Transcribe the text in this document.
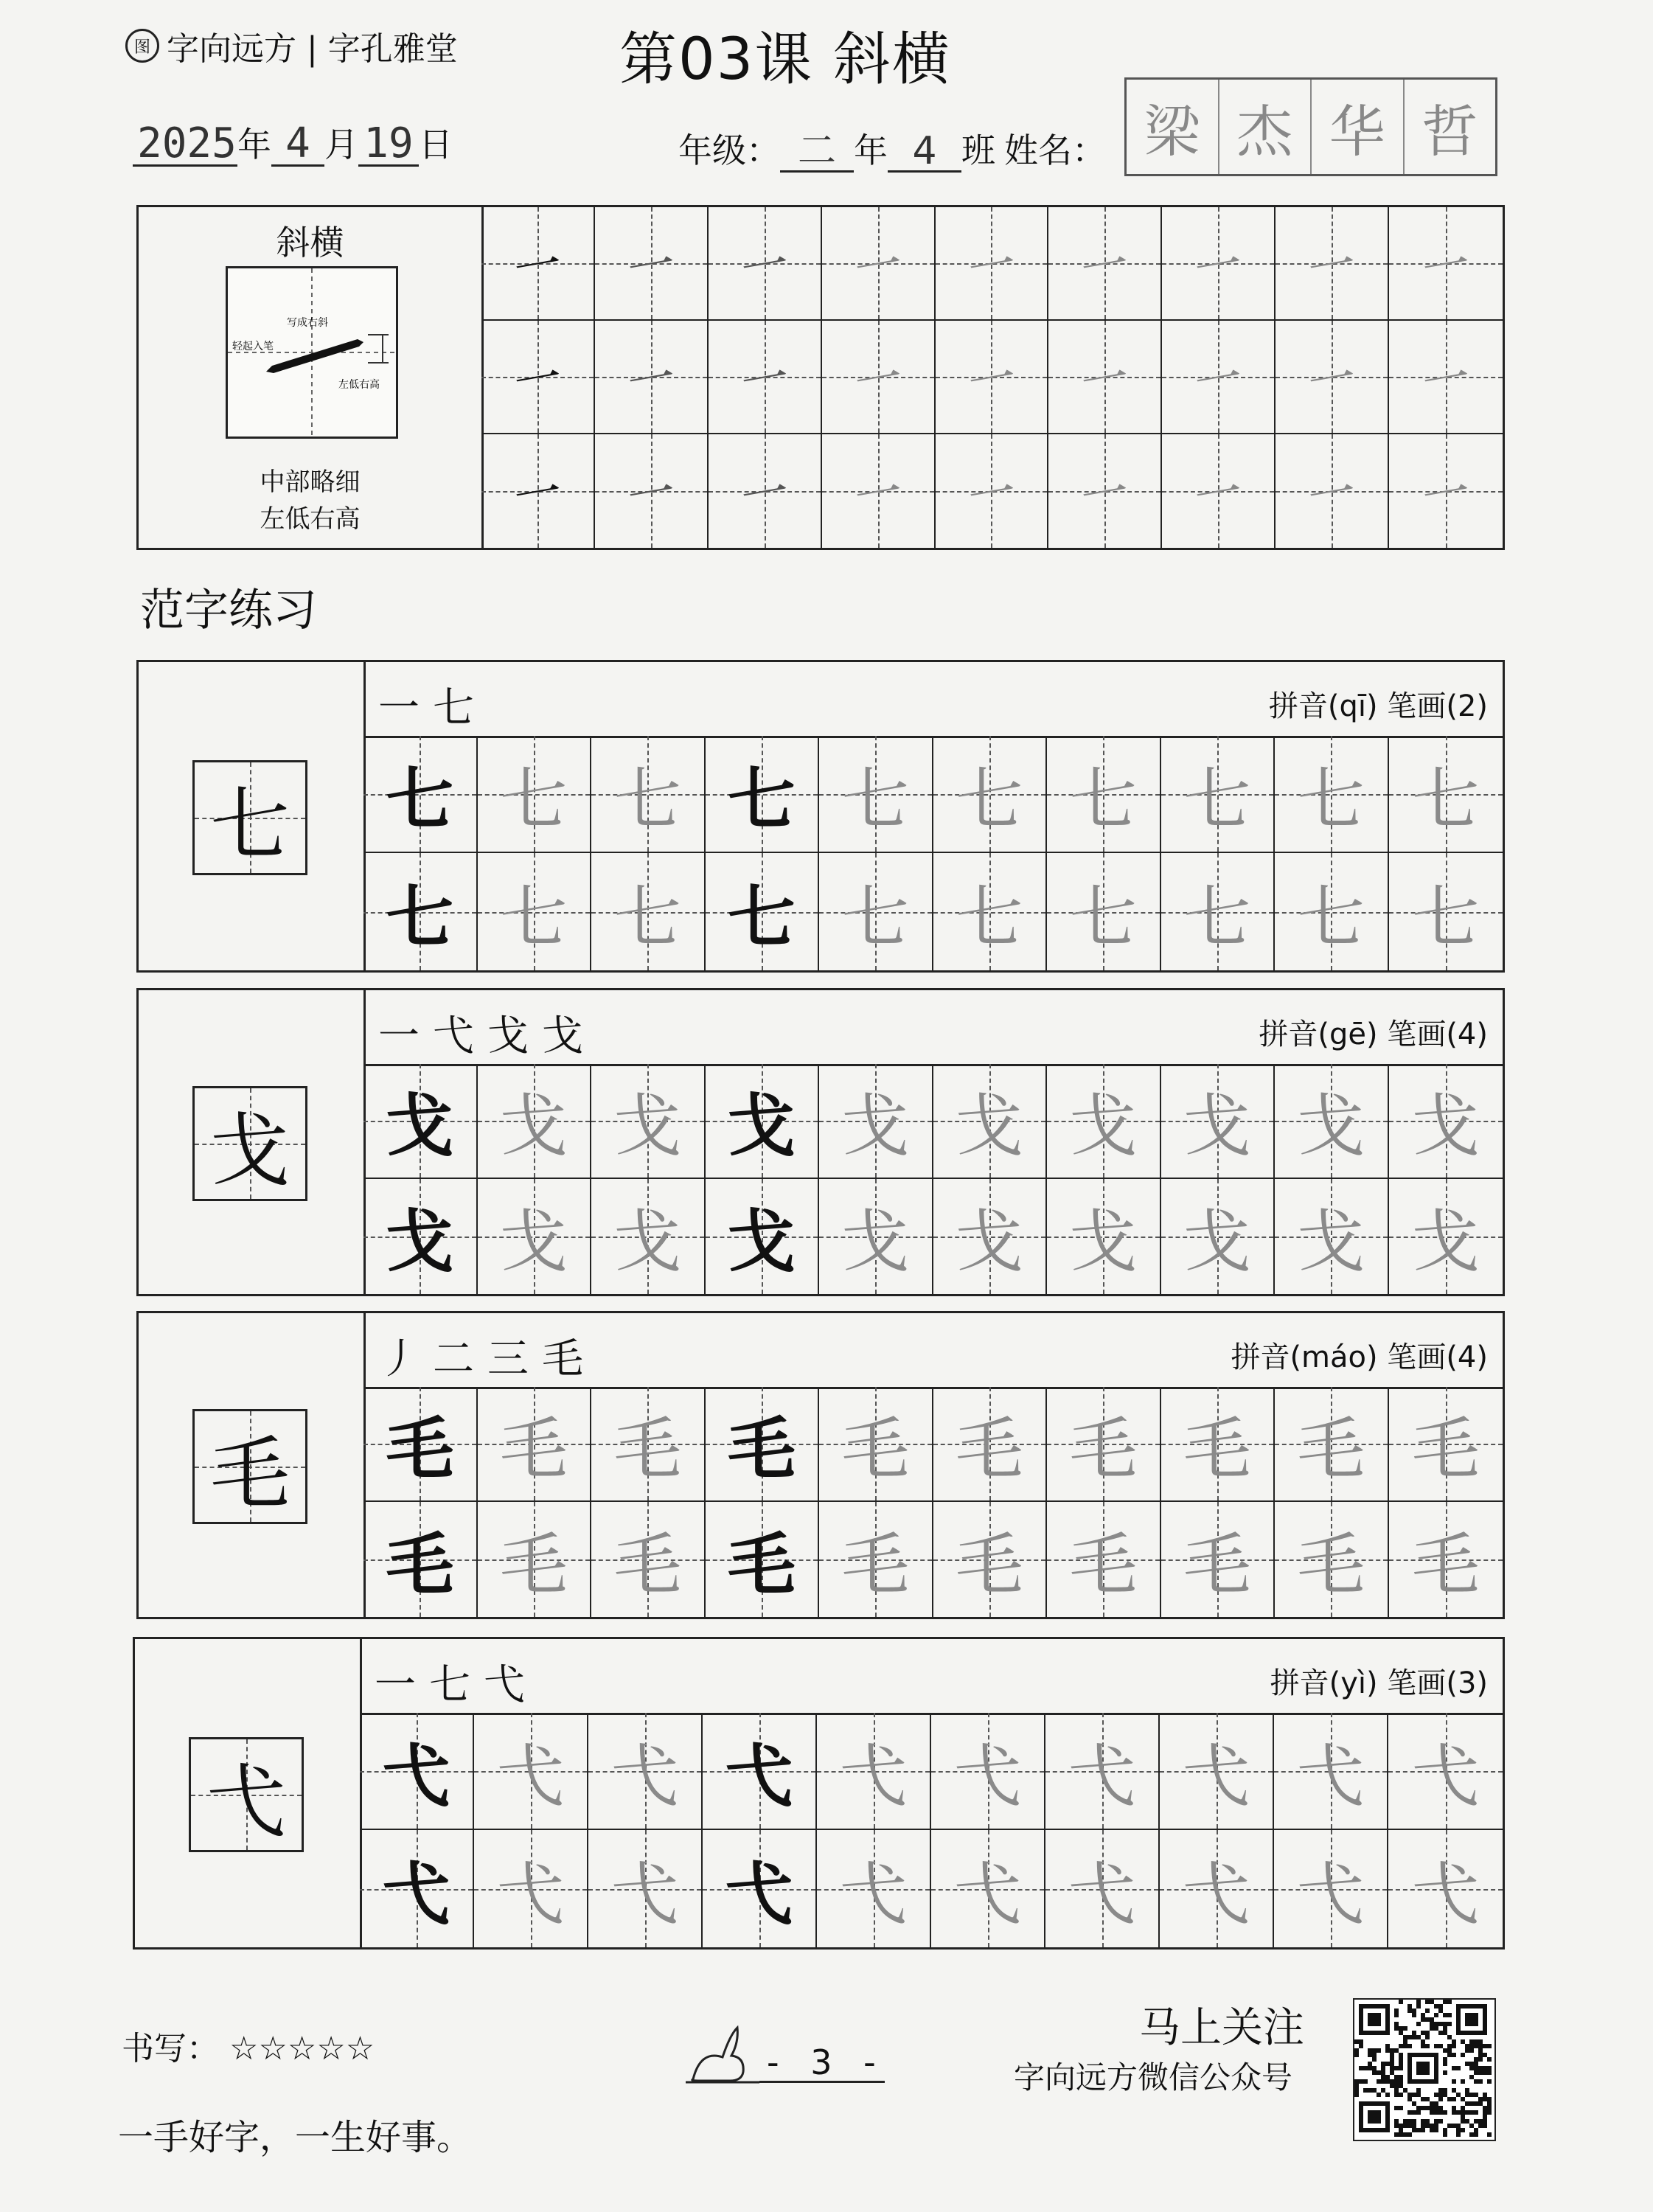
图 字向远方 | 字孔雅堂	第03课 斜横
2025 年 4 月 19 日	年级： 二 年 4 班 姓名： 梁 杰 华 哲
斜横
写成右斜
轻起入笔
左低右高
中部略细
左低右高
一	一	一	一	一	一	一	一	一
一	一	一	一	一	一	一	一	一
一	一	一	一	一	一	一	一	一
范字练习
七
一七	拼音(qī) 笔画(2)
七 七 七 七 七 七 七 七 七 七
七 七 七 七 七 七 七 七 七 七
戈
一弋戈戈	拼音(gē) 笔画(4)
戈 戈 戈 戈 戈 戈 戈 戈 戈 戈
戈 戈 戈 戈 戈 戈 戈 戈 戈 戈
毛
丿二三毛	拼音(máo) 笔画(4)
毛 毛 毛 毛 毛 毛 毛 毛 毛 毛
毛 毛 毛 毛 毛 毛 毛 毛 毛 毛
弋
一七弋	拼音(yì) 笔画(3)
弋 弋 弋 弋 弋 弋 弋 弋 弋 弋
弋 弋 弋 弋 弋 弋 弋 弋 弋 弋
书写： ☆☆☆☆☆	- 3 -
一手好字，一生好事。
马上关注
字向远方微信公众号
